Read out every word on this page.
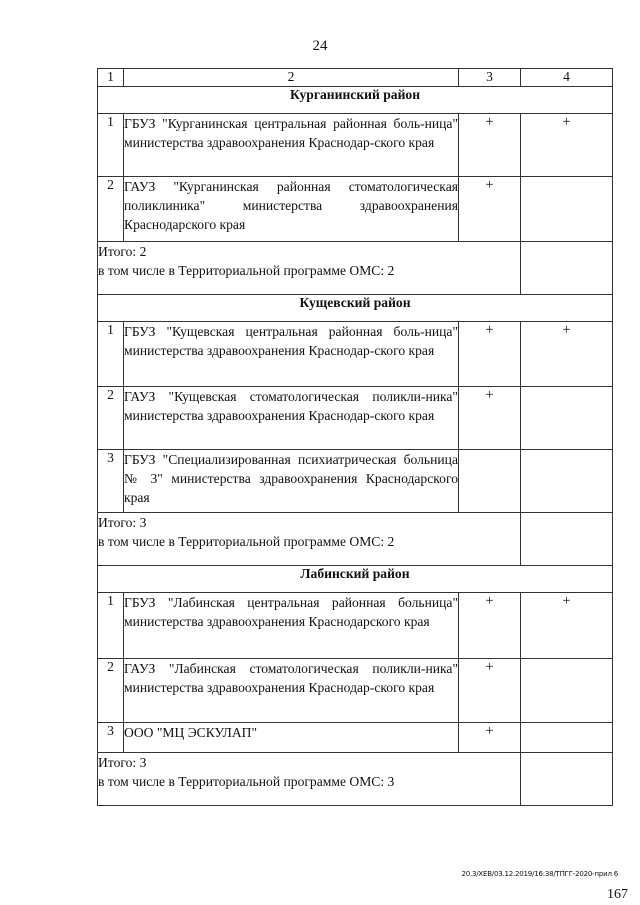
24
1	2	3	4
Курганинский район			
1	ГБУЗ "Курганинская центральная районная боль-ница" министерства здравоохранения Краснодар-ского края	+	+
2	ГАУЗ "Курганинская районная стоматологическая поликлиника" министерства здравоохранения Краснодарского края	+	

Итого: 2
в том числе в Территориальной программе ОМС: 2			

Кущевский район			
1	ГБУЗ "Кущевская центральная районная боль-ница" министерства здравоохранения Краснодар-ского края	+	+
2	ГАУЗ "Кущевская стоматологическая поликли-ника" министерства здравоохранения Краснодар-ского края	+	
3	ГБУЗ "Специализированная психиатрическая больница № 3" министерства здравоохранения Краснодарского края		

Итого: 3
в том числе в Территориальной программе ОМС: 2			

Лабинский район			
1	ГБУЗ "Лабинская центральная районная больница" министерства здравоохранения Краснодарского края	+	+
2	ГАУЗ "Лабинская стоматологическая поликли-ника" министерства здравоохранения Краснодар-ского края	+	
3	ООО "МЦ ЭСКУЛАП"	+	

Итого: 3
в том числе в Территориальной программе ОМС: 3			

20.3/ХЕВ/03.12.2019/16:38/ТПГГ-2020-прил 6
167
